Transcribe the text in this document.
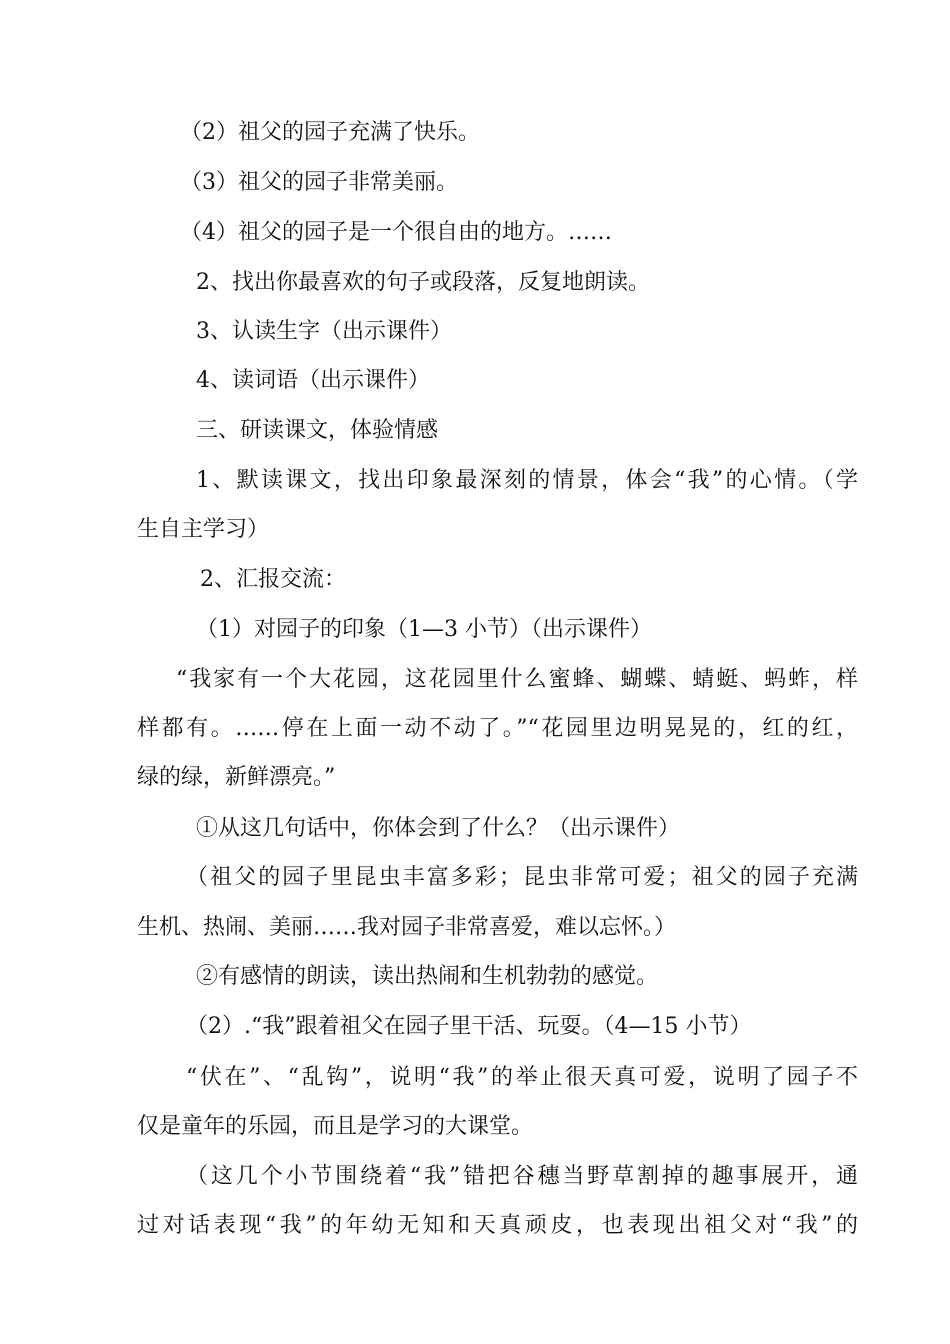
（2）祖父的园子充满了快乐。
（3）祖父的园子非常美丽。
（4）祖父的园子是一个很自由的地方。……
2、找出你最喜欢的句子或段落，反复地朗读。
3、认读生字（出示课件）
4、读词语（出示课件）
三、研读课文，体验情感
1、默读课文，找出印象最深刻的情景，体会“我”的心情。（学
生自主学习）
2、汇报交流：
（1）对园子的印象（1—3 小节）（出示课件）
“我家有一个大花园，这花园里什么蜜蜂、蝴蝶、蜻蜓、蚂蚱，样
样都有。……停在上面一动不动了。”“花园里边明晃晃的，红的红，
绿的绿，新鲜漂亮。”
①从这几句话中，你体会到了什么？（出示课件）
（祖父的园子里昆虫丰富多彩；昆虫非常可爱；祖父的园子充满
生机、热闹、美丽……我对园子非常喜爱，难以忘怀。）
②有感情的朗读，读出热闹和生机勃勃的感觉。
（2）.“我”跟着祖父在园子里干活、玩耍。（4—15 小节）
“伏在”、“乱钩”，说明“我”的举止很天真可爱，说明了园子不
仅是童年的乐园，而且是学习的大课堂。
（这几个小节围绕着“我”错把谷穗当野草割掉的趣事展开，通
过对话表现“我”的年幼无知和天真顽皮，也表现出祖父对“我”的
